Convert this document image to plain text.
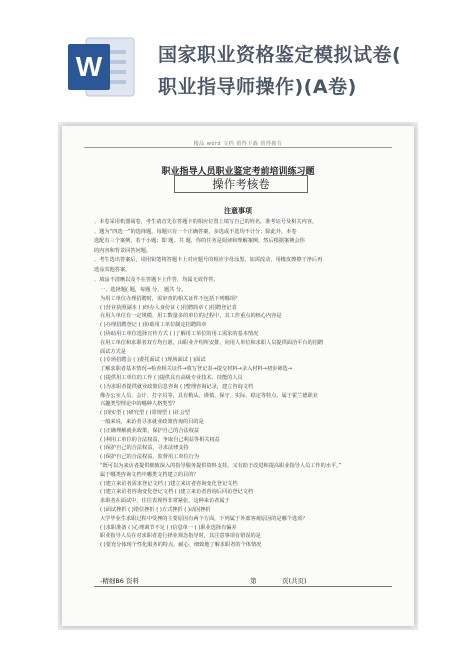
W	国家职业资格鉴定模拟试卷(
职业指导师操作)(A卷)
精品 word 文档 值得下载 值得拥有
职业指导人员职业鉴定考前培训练习题
操作考核卷
注意事项

、本卷采用机器阅卷，考生请首先在答题卡的相应位置上填写自己的姓名，准考证号及相关内容。

、题为“四选一”的选择题，每题只有一个正确答案，多选或不选均不计分；除此外，本卷

选配有三个案例，若干小题；即 题，共 题，你的任务是阅读和理解案例，然后根据案例会你

的内容和背景回答问题。

、考生选出答案后，请用铅笔将答题卡上对应题号的相应字母涂黑，如需改动，用橡皮擦擦干净后再

选涂其他答案。

、填涂不清晰以及不在答题卡上作答，均属无效作答。

一、选择题( 题，每题 分， 题共 分。

为用工单位办理招聘时，需审查的相关证件不包括下列哪项？

( )营业执照副本 ( )经办人身份证 ( )招聘简章 ( )招聘登记表

在用人单位有一定规模、用工数量多的单位的过程中，其工作重点的核心内容是

( )办理招聘登记 ( )协助用工单位制定招聘简章

( )协助用工单位选择宣传方式 ( )了解用工单位的用工需求的基本情况

在用工单位和求职者双方均自愿，由职业介绍所安排，向用人单位和求职人员提供面洽平台的招聘

面试方式是

( )专场招聘会 ( )委托面试 ( )现场面试 ( )面试

了解求职者基本情况→检查相关证件→填写登记表→提交材料→录入材料→初步筛选→

( )提供用工单位的工作 ( )提供具有高级专业技术、技能的人员

( )为求职者提供就业政策信息咨询 ( )整理咨询记录，建立咨询文档

像办公室人员、会计、打字员等，具有稍从、谨慎、保守、实际、稳定等特点，属于霍兰德职业

兴趣类型理论中的哪种人格类型？

( )现实型 ( )研究型 ( )常规型 ( )社会型

一般来说，来访者寻求就业政策咨询的目的是

( )正确理解就业政策，保护自己的合法权益

( )利用工单位的合法权益，争取自己利益等相关权益

( )保护自己的合法权益，寻求法律支持

( )保护自己的合法权益，监督用工单位行为

“既可以为来访者提供细致深入的指导服务提供资料支持，又有助于改进和提高职业指导人员工作的水平。”

属于哪类咨询文档中哪类文档建立的目的？

( )建立来访者需求登记文档 ( )建立来访者咨询变化登记文档

( )建立来访者咨询变化登记文档 ( )建立来访者咨询后回访登记文档

求职者在面试中，往往表现得非常紧张，这种来访者属于

( )面试挫折 ( )错位挫折 ( )方式挫折 ( )动因挫折

大学毕业生求职过程中受挫的主要原因有两个方面，下列属于外部客观原因的是哪个选项？

( )求职准备 ( )心理调节不足 ( )信息单一 ( )职业选择有偏差

职业指导人员在对求职者进行择业观念指导时，其注意事项有错误的是

( )要充分体现个性化服务的特点，耐心、细致地了解求职者的个体情况

-精细B6 资料	第	页(共页)
